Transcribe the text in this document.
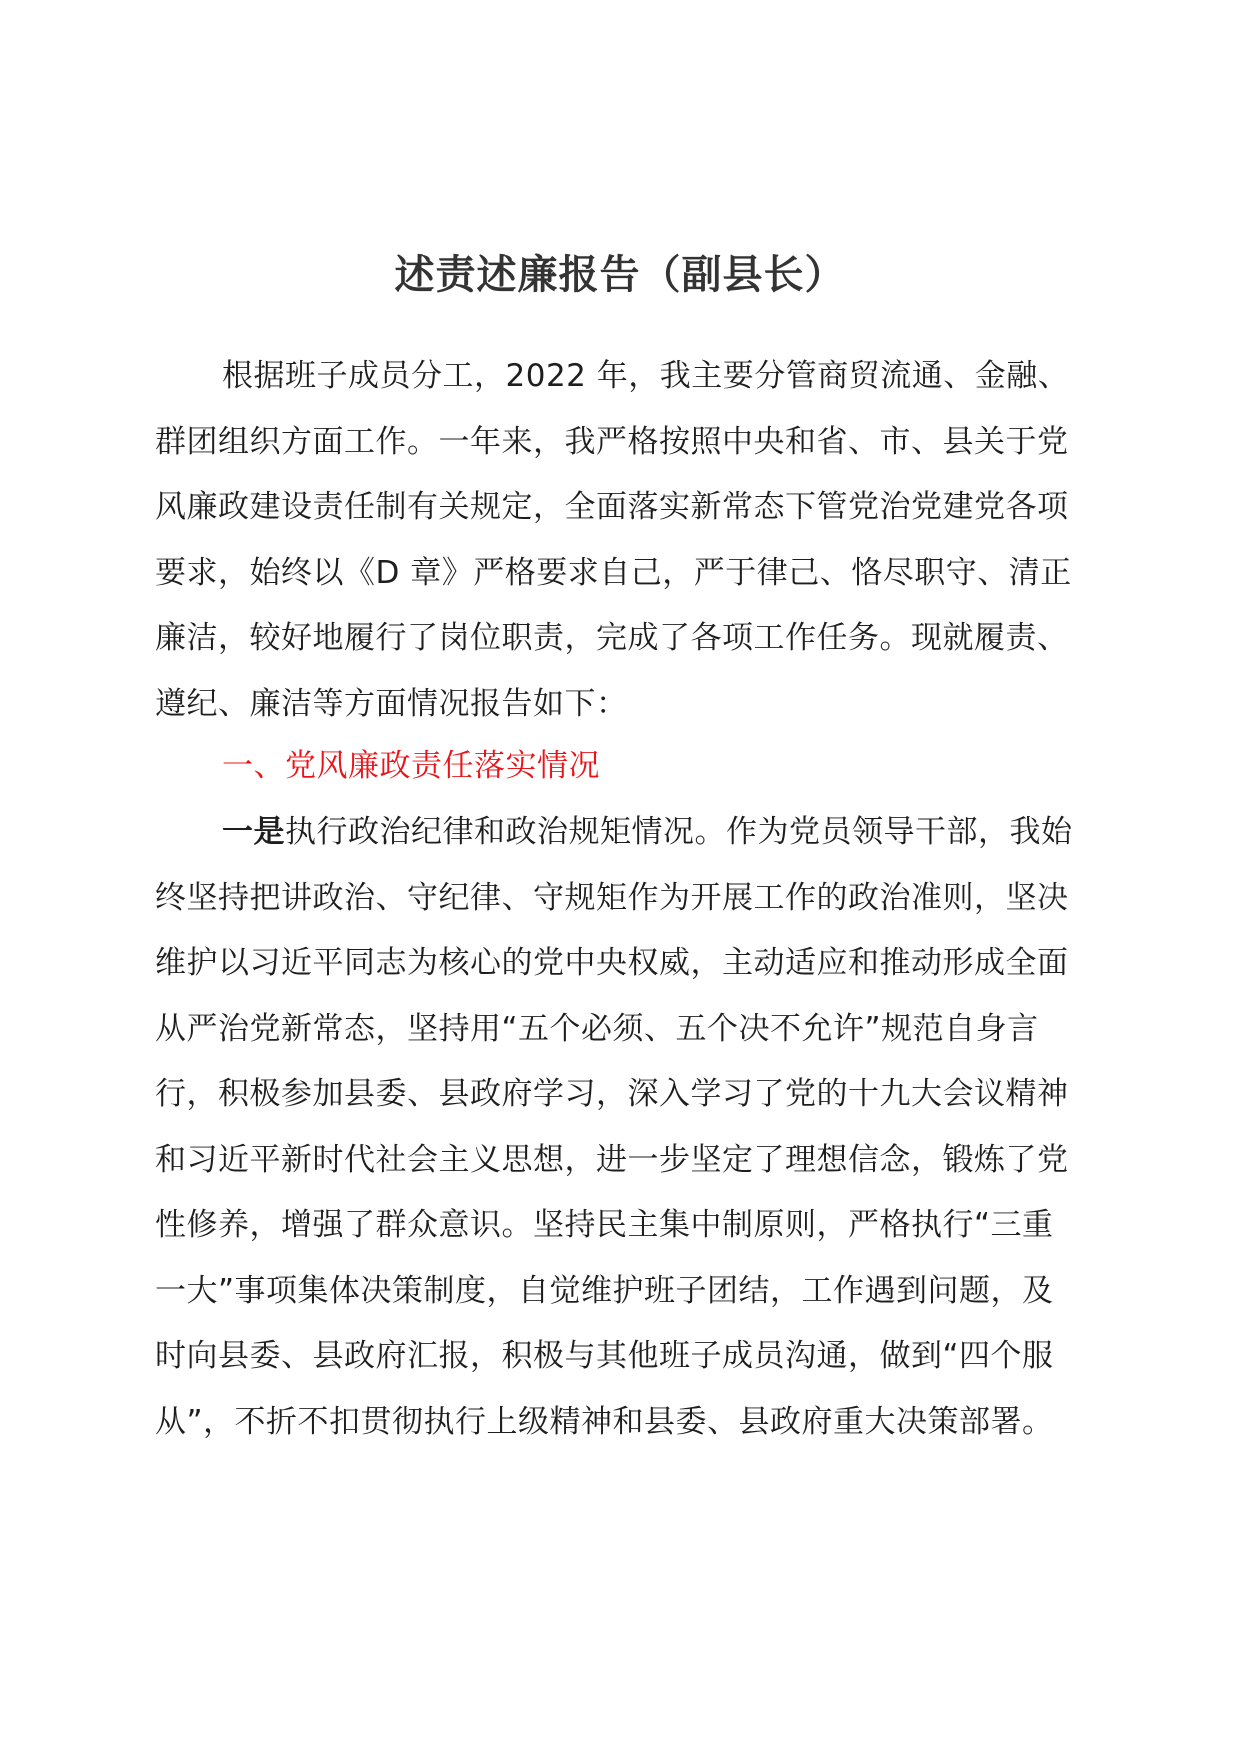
述责述廉报告（副县长）
根据班子成员分工，2022 年，我主要分管商贸流通、金融、群团组织方面工作。一年来，我严格按照中央和省、市、县关于党风廉政建设责任制有关规定，全面落实新常态下管党治党建党各项要求，始终以《D 章》严格要求自己，严于律己、恪尽职守、清正廉洁，较好地履行了岗位职责，完成了各项工作任务。现就履责、遵纪、廉洁等方面情况报告如下：
一、党风廉政责任落实情况
一是执行政治纪律和政治规矩情况。作为党员领导干部，我始终坚持把讲政治、守纪律、守规矩作为开展工作的政治准则，坚决维护以习近平同志为核心的党中央权威，主动适应和推动形成全面从严治党新常态，坚持用“五个必须、五个决不允许”规范自身言行，积极参加县委、县政府学习，深入学习了党的十九大会议精神和习近平新时代社会主义思想，进一步坚定了理想信念，锻炼了党性修养，增强了群众意识。坚持民主集中制原则，严格执行“三重一大”事项集体决策制度，自觉维护班子团结，工作遇到问题，及时向县委、县政府汇报，积极与其他班子成员沟通，做到“四个服从”，不折不扣贯彻执行上级精神和县委、县政府重大决策部署。
